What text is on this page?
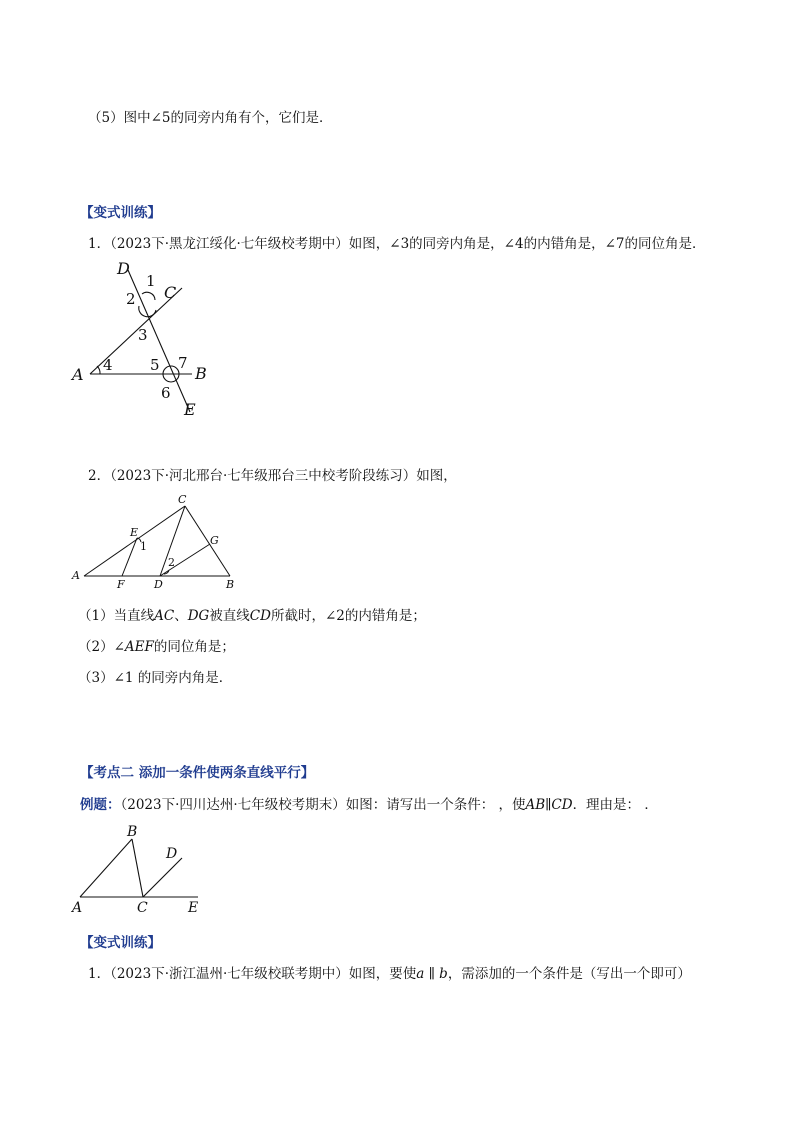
（5）图中∠5的同旁内角有个，它们是．
【变式训练】
1．（2023下·黑龙江绥化·七年级校考期中）如图，∠3的同旁内角是，∠4的内错角是，∠7的同位角是．
D
1
C
2
3
A 4 5 7
B
6
E
2．（2023下·河北邢台·七年级邢台三中校考阶段练习）如图，
C
E
1	G
2
A
F	D	B
（1）当直线AC、DG被直线CD所截时，∠2的内错角是；
（2）∠AEF的同位角是；
（3）∠1 的同旁内角是．
【考点二 添加一条件使两条直线平行】
例题：（2023下·四川达州·七年级校考期末）如图：请写出一个条件： ，使AB∥CD．理由是： ．
B
D
A	C	E
【变式训练】
1．（2023下·浙江温州·七年级校联考期中）如图，要使a ∥ b，需添加的一个条件是（写出一个即可）
